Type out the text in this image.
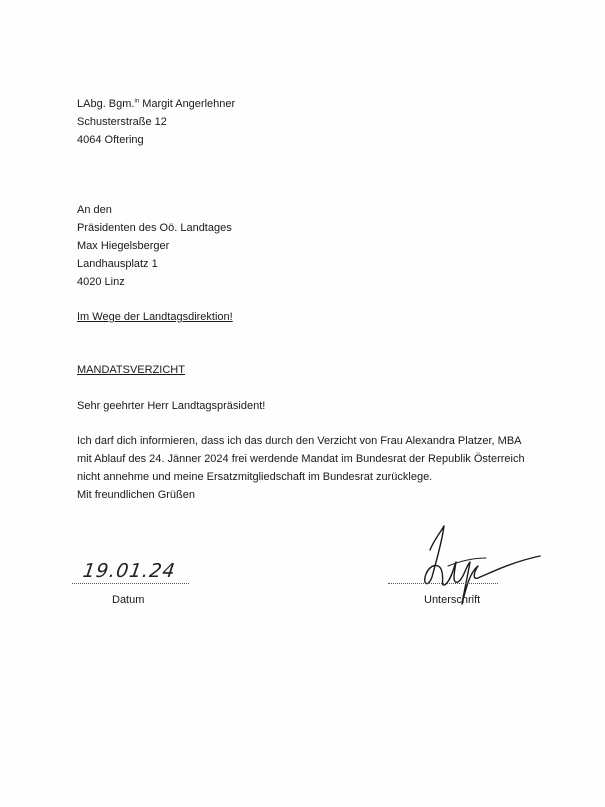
LAbg. Bgm.$^{in}$ Margit Angerlehner
Schusterstraße 12
4064 Oftering
An den
Präsidenten des Oö. Landtages
Max Hiegelsberger
Landhausplatz 1
4020 Linz
Im Wege der Landtagsdirektion!
MANDATSVERZICHT
Sehr geehrter Herr Landtagspräsident!
Ich darf dich informieren, dass ich das durch den Verzicht von Frau Alexandra Platzer, MBA
mit Ablauf des 24. Jänner 2024 frei werdende Mandat im Bundesrat der Republik Österreich
nicht annehme und meine Ersatzmitgliedschaft im Bundesrat zurücklege.
Mit freundlichen Grüßen
19.01.24
Datum	Unterschrift
